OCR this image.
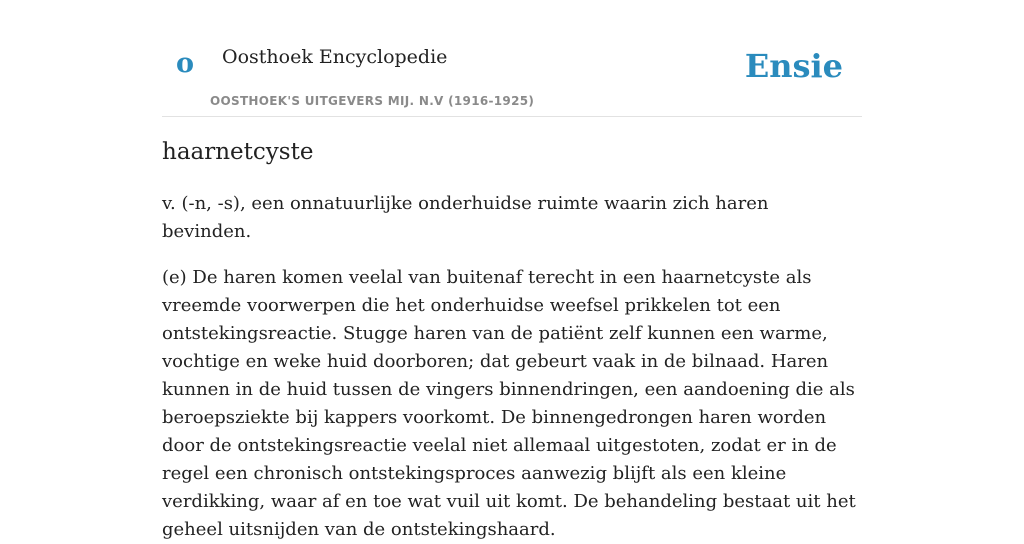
o Oosthoek Encyclopedie
OOSTHOEK'S UITGEVERS MIJ. N.V (1916-1925)
Ensie
haarnetcyste

v. (-n, -s), een onnatuurlijke onderhuidse ruimte waarin zich haren bevinden.

(e) De haren komen veelal van buitenaf terecht in een haarnetcyste als vreemde voorwerpen die het onderhuidse weefsel prikkelen tot een ontstekingsreactie. Stugge haren van de patiënt zelf kunnen een warme, vochtige en weke huid doorboren; dat gebeurt vaak in de bilnaad. Haren kunnen in de huid tussen de vingers binnendringen, een aandoening die als beroepsziekte bij kappers voorkomt. De binnengedrongen haren worden door de ontstekingsreactie veelal niet allemaal uitgestoten, zodat er in de regel een chronisch ontstekingsproces aanwezig blijft als een kleine verdikking, waar af en toe wat vuil uit komt. De behandeling bestaat uit het geheel uitsnijden van de ontstekingshaard.
